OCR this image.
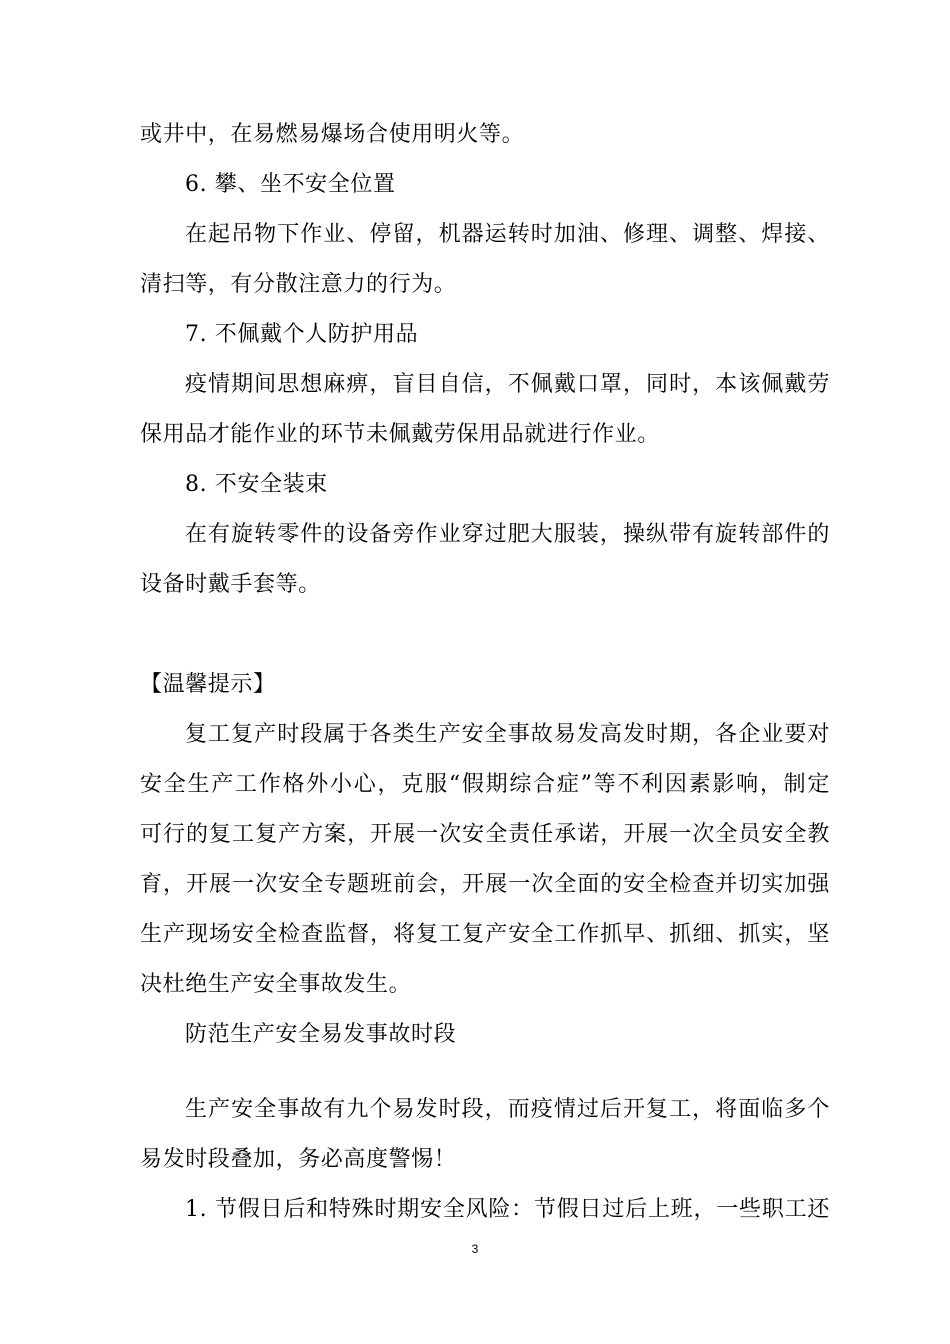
或井中，在易燃易爆场合使用明火等。
6. 攀、坐不安全位置
在起吊物下作业、停留，机器运转时加油、修理、调整、焊接、
清扫等，有分散注意力的行为。
7. 不佩戴个人防护用品
疫情期间思想麻痹，盲目自信，不佩戴口罩，同时，本该佩戴劳
保用品才能作业的环节未佩戴劳保用品就进行作业。
8. 不安全装束
在有旋转零件的设备旁作业穿过肥大服装，操纵带有旋转部件的
设备时戴手套等。
【温馨提示】
复工复产时段属于各类生产安全事故易发高发时期，各企业要对
安全生产工作格外小心，克服“假期综合症”等不利因素影响，制定
可行的复工复产方案，开展一次安全责任承诺，开展一次全员安全教
育，开展一次安全专题班前会，开展一次全面的安全检查并切实加强
生产现场安全检查监督，将复工复产安全工作抓早、抓细、抓实，坚
决杜绝生产安全事故发生。
防范生产安全易发事故时段
生产安全事故有九个易发时段，而疫情过后开复工，将面临多个
易发时段叠加，务必高度警惕！
1. 节假日后和特殊时期安全风险：节假日过后上班，一些职工还
3
